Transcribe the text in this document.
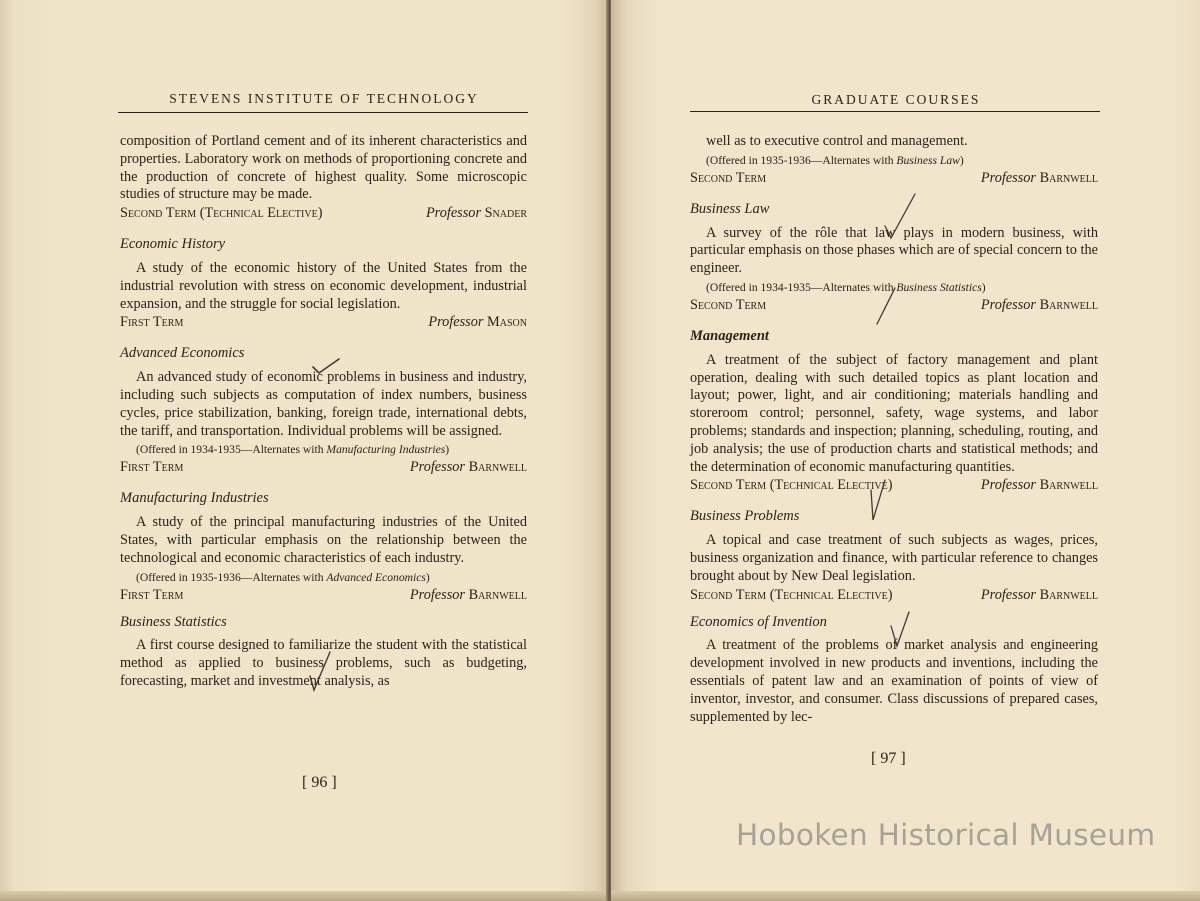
STEVENS INSTITUTE OF TECHNOLOGY

composition of Portland cement and of its inherent characteristics and properties. Laboratory work on methods of proportioning concrete and the production of concrete of highest quality. Some microscopic studies of structure may be made.

Second Term (Technical Elective)	Professor Snader
Economic History

A study of the economic history of the United States from the industrial revolution with stress on economic development, industrial expansion, and the struggle for social legislation.

First Term	Professor Mason
Advanced Economics

An advanced study of economic problems in business and industry, including such subjects as computation of index numbers, business cycles, price stabilization, banking, foreign trade, international debts, the tariff, and transportation. Individual problems will be assigned.

(Offered in 1934-1935—Alternates with Manufacturing Industries)
First Term	Professor Barnwell
Manufacturing Industries

A study of the principal manufacturing industries of the United States, with particular emphasis on the relationship between the technological and economic characteristics of each industry.

(Offered in 1935-1936—Alternates with Advanced Economics)
First Term	Professor Barnwell
Business Statistics

A first course designed to familiarize the student with the statistical method as applied to business problems, such as budgeting, forecasting, market and investment analysis, as

[ 96 ]
GRADUATE COURSES

well as to executive control and management.

(Offered in 1935-1936—Alternates with Business Law)
Second Term	Professor Barnwell
Business Law

A survey of the rôle that law plays in modern business, with particular emphasis on those phases which are of special concern to the engineer.

(Offered in 1934-1935—Alternates with Business Statistics)
Second Term	Professor Barnwell
Management

A treatment of the subject of factory management and plant operation, dealing with such detailed topics as plant location and layout; power, light, and air conditioning; materials handling and storeroom control; personnel, safety, wage systems, and labor problems; standards and inspection; planning, scheduling, routing, and job analysis; the use of production charts and statistical methods; and the determination of economic manufacturing quantities.

Second Term (Technical Elective)	Professor Barnwell
Business Problems

A topical and case treatment of such subjects as wages, prices, business organization and finance, with particular reference to changes brought about by New Deal legislation.

Second Term (Technical Elective)	Professor Barnwell
Economics of Invention

A treatment of the problems of market analysis and engineering development involved in new products and inventions, including the essentials of patent law and an examination of points of view of inventor, investor, and consumer. Class discussions of prepared cases, supplemented by lec-

[ 97 ]
Hoboken Historical Museum
